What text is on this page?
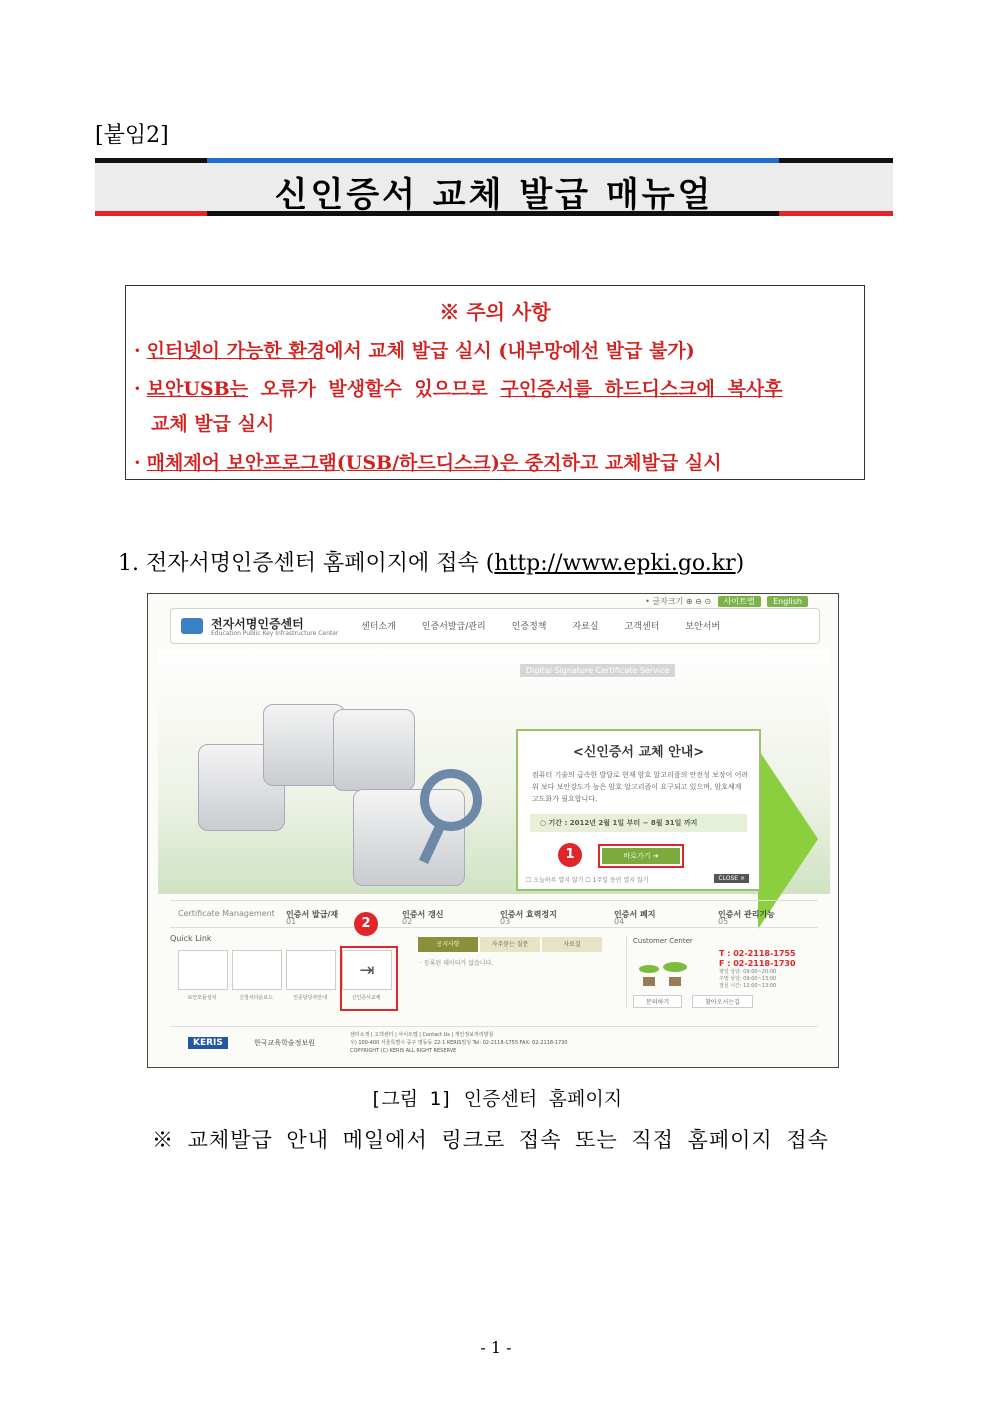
[붙임2]
신인증서 교체 발급 매뉴얼
※ 주의 사항
· 인터넷이 가능한 환경에서 교체 발급 실시 (내부망에선 발급 불가)
· 보안USB는 오류가 발생할수 있으므로 구인증서를 하드디스크에 복사후
교체 발급 실시
· 매체제어 보안프로그램(USB/하드디스크)은 중지하고 교체발급 실시
1. 전자서명인증센터 홈페이지에 접속 (http://www.epki.go.kr)
• 글자크기 ⊕ ⊖ ⊙ 사이트맵 English
전자서명인증센터
Education Public Key Infrastructure Center
센터소개	인증서발급/관리	인증정책	자료실	고객센터	보안서버
Digital Signature Certificate Service
<신인증서 교체 안내>
컴퓨터 기술의 급속한 발달로 현재 암호 알고리즘의 안전성 보장이 어려워 보다 보안강도가 높은 암호 알고리즘이 요구되고 있으며, 암호체계 고도화가 필요합니다.
○ 기간 : 2012년 2월 1일 부터 ~ 8월 31일 까지
바로가기 ➔
1
☐ 오늘하루 열지 않기 ☐ 1주일 동안 열지 않기	CLOSE ×
Certificate Management
01
인증서 발급/재
02
인증서 갱신
03
인증서 효력정지
04
인증서 폐지
05
인증서 관리기능
Quick Link
⇥
보안모듈설치	신청서다운로드	인증담당자안내	신인증서교체
2
공지사항	자주묻는 질문	자료실
· 등록된 데이터가 없습니다.
Customer Center
T : 02-2118-1755
F : 02-2118-1730
평일 상담: 09:00~20:00
주말 상담: 09:00~13:00
점심 시간: 12:00~13:00
문의하기	찾아오시는길
KERIS	한국교육학술정보원
센터소개 | 고객센터 | 사이트맵 | Contact Us | 개인정보처리방침
우) 100-400 서울특별시 중구 명동동 22-1 KERIS빌딩 Tel: 02-2118-1755 FAX: 02-2118-1730
COPYRIGHT (C) KERIS ALL RIGHT RESERVE
[그림 1] 인증센터 홈페이지
※ 교체발급 안내 메일에서 링크로 접속 또는 직접 홈페이지 접속
- 1 -
